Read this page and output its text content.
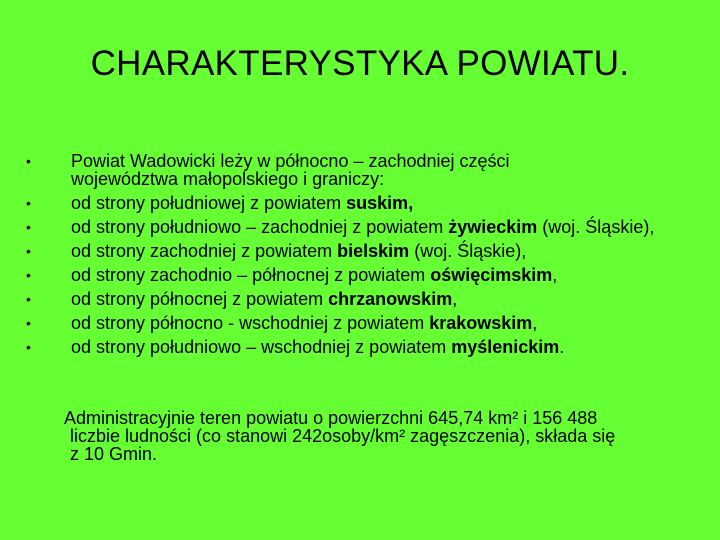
CHARAKTERYSTYKA POWIATU.
• Powiat Wadowicki leży w północno – zachodniej części
województwa małopolskiego i graniczy:
• od strony południowej z powiatem suskim,
• od strony południowo – zachodniej z powiatem żywieckim (woj. Śląskie),
• od strony zachodniej z powiatem bielskim (woj. Śląskie),
• od strony zachodnio – północnej z powiatem oświęcimskim,
• od strony północnej z powiatem chrzanowskim,
• od strony północno - wschodniej z powiatem krakowskim,
• od strony południowo – wschodniej z powiatem myślenickim.

Administracyjnie teren powiatu o powierzchni 645,74 km² i 156 488

liczbie ludności (co stanowi 242osoby/km² zagęszczenia), składa się
z 10 Gmin.
